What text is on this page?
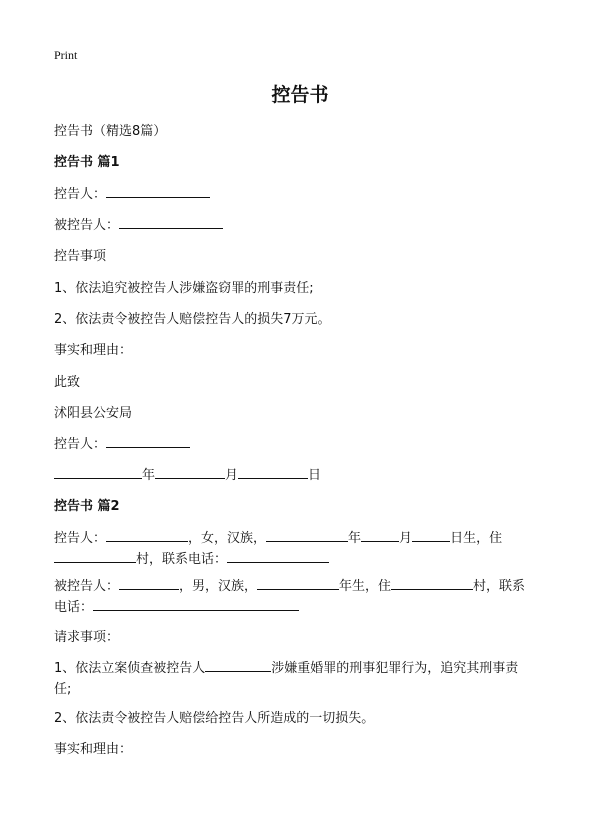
Print
控告书
控告书（精选8篇）
控告书 篇1
控告人：
被控告人：
控告事项
1、依法追究被控告人涉嫌盗窃罪的刑事责任;
2、依法责令被控告人赔偿控告人的损失7万元。
事实和理由：
此致
沭阳县公安局
控告人：
年	月	日
控告书 篇2
控告人：	，女，汉族，	年	月	日生，住
村，联系电话：
被控告人：	，男，汉族，	年生，住	村，联系
电话：
请求事项：
1、依法立案侦查被控告人	涉嫌重婚罪的刑事犯罪行为，追究其刑事责
任;
2、依法责令被控告人赔偿给控告人所造成的一切损失。
事实和理由：
